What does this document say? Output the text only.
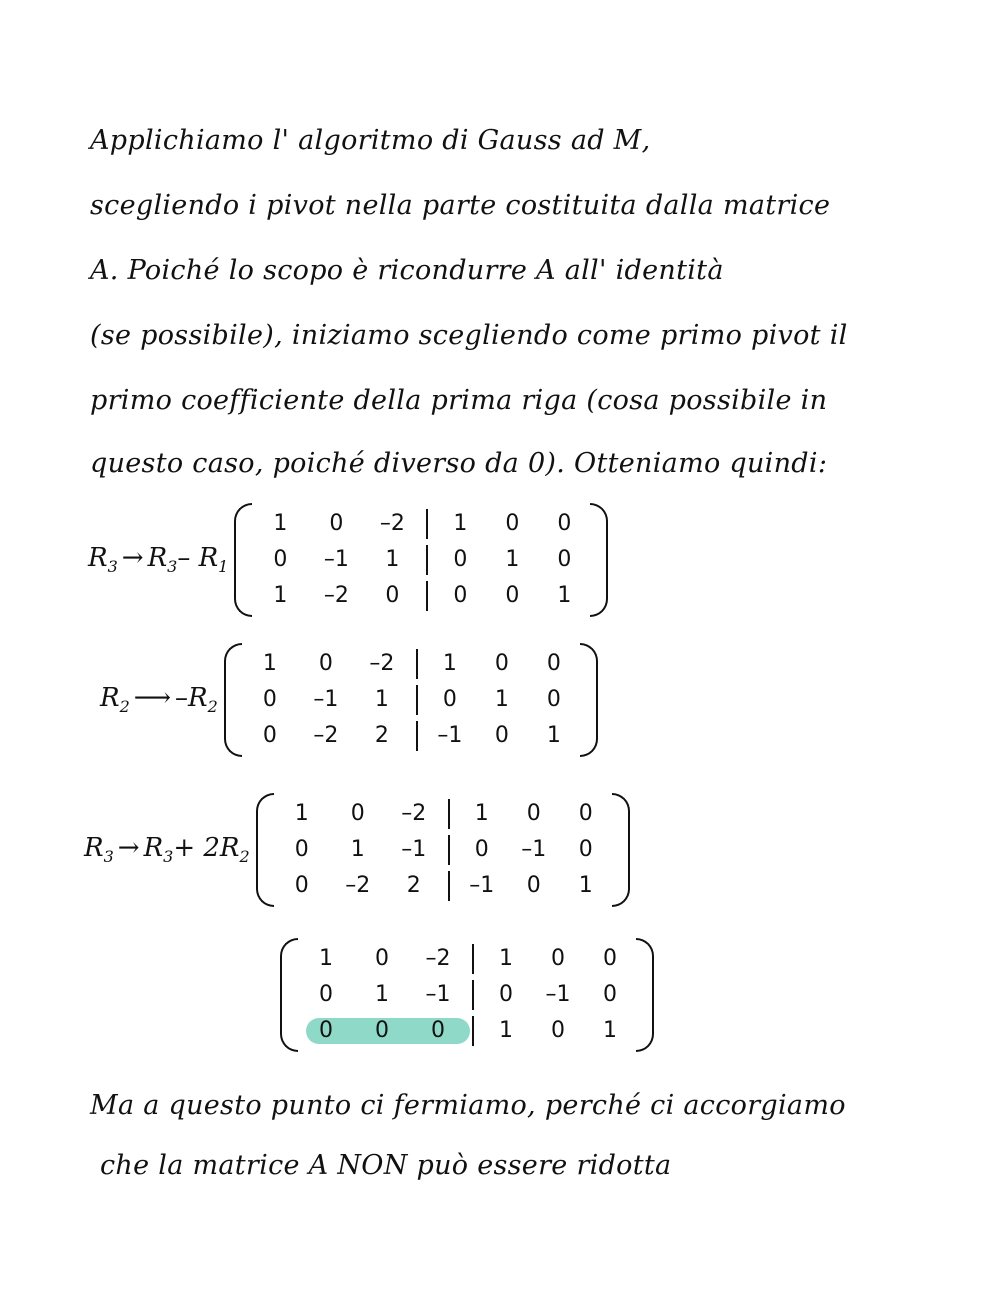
Applichiamo l' algoritmo di Gauss ad M,
scegliendo i pivot nella parte costituita dalla matrice
A. Poiché lo scopo è ricondurre A all' identità
(se possibile), iniziamo scegliendo come primo pivot il
primo coefficiente della prima riga (cosa possibile in
questo caso, poiché diverso da 0). Otteniamo quindi:
$R_3 \to R_3-$ $R_1$
1	0	–2	1	0	0
0	–1	1	0	1	0
1	–2	0	0	0	1
$R_2$ ⟶ $-R_2$
1	0	–2	1	0	0
0	–1	1	0	1	0
0	–2	2	–1	0	1
$R_3 \to R_3+ 2R_2$
1	0	–2	1	0	0
0	1	–1	0	–1	0
0	–2	2	–1	0	1
1	0	–2	1	0	0
0	1	–1	0	–1	0
0	0	0	1	0	1
Ma a questo punto ci fermiamo, perché ci accorgiamo
che la matrice A NON può essere ridotta
